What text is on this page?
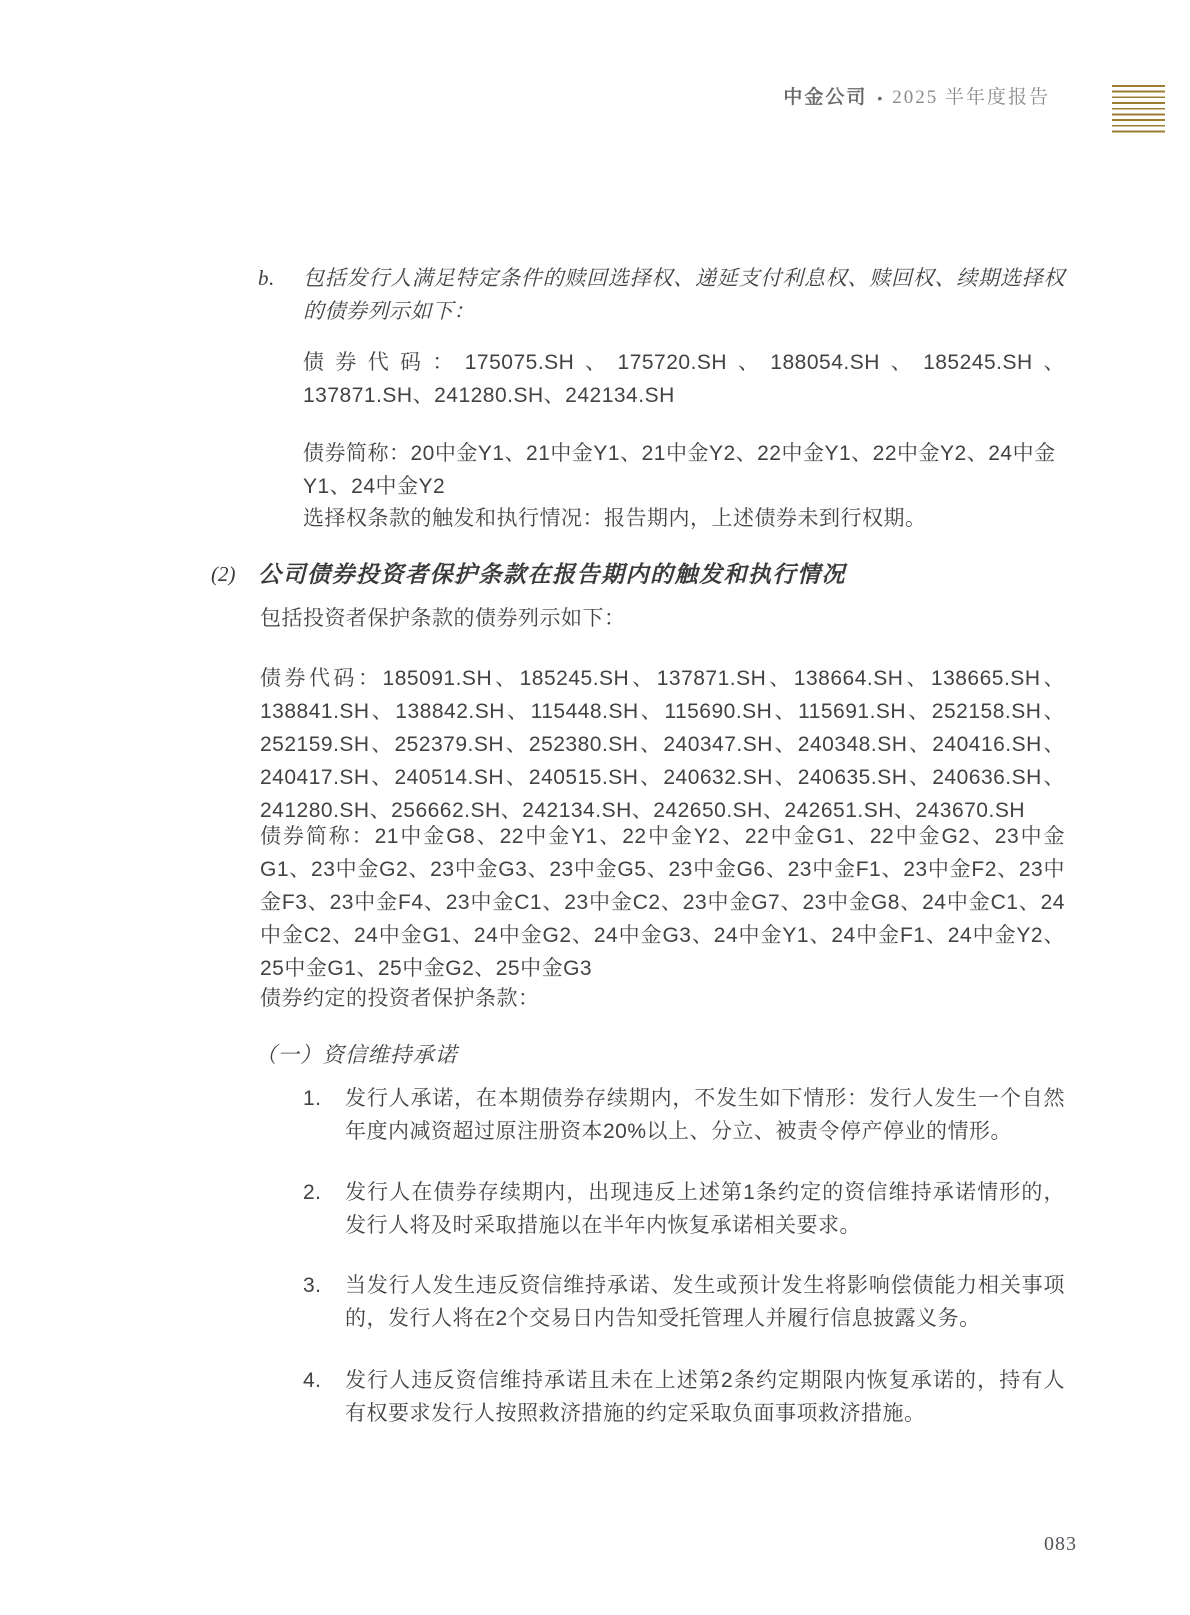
中金公司 • 2025 半年度报告
b.	包括发行人满足特定条件的赎回选择权、递延支付利息权、赎回权、续期选择权的债券列示如下：
债券代码：175075.SH、175720.SH、188054.SH、185245.SH、137871.SH、241280.SH、242134.SH
债券简称：20中金Y1、21中金Y1、21中金Y2、22中金Y1、22中金Y2、24中金Y1、24中金Y2
选择权条款的触发和执行情况：报告期内，上述债券未到行权期。
(2) 公司债券投资者保护条款在报告期内的触发和执行情况
包括投资者保护条款的债券列示如下：
债券代码：185091.SH、185245.SH、137871.SH、138664.SH、138665.SH、138841.SH、138842.SH、115448.SH、115690.SH、115691.SH、252158.SH、252159.SH、252379.SH、252380.SH、240347.SH、240348.SH、240416.SH、240417.SH、240514.SH、240515.SH、240632.SH、240635.SH、240636.SH、241280.SH、256662.SH、242134.SH、242650.SH、242651.SH、243670.SH
债券简称：21中金G8、22中金Y1、22中金Y2、22中金G1、22中金G2、23中金G1、23中金G2、23中金G3、23中金G5、23中金G6、23中金F1、23中金F2、23中金F3、23中金F4、23中金C1、23中金C2、23中金G7、23中金G8、24中金C1、24中金C2、24中金G1、24中金G2、24中金G3、24中金Y1、24中金F1、24中金Y2、25中金G1、25中金G2、25中金G3
债券约定的投资者保护条款：
（一）资信维持承诺
1.	发行人承诺，在本期债券存续期内，不发生如下情形：发行人发生一个自然年度内减资超过原注册资本20%以上、分立、被责令停产停业的情形。
2.	发行人在债券存续期内，出现违反上述第1条约定的资信维持承诺情形的，发行人将及时采取措施以在半年内恢复承诺相关要求。
3.	当发行人发生违反资信维持承诺、发生或预计发生将影响偿债能力相关事项的，发行人将在2个交易日内告知受托管理人并履行信息披露义务。
4.	发行人违反资信维持承诺且未在上述第2条约定期限内恢复承诺的，持有人有权要求发行人按照救济措施的约定采取负面事项救济措施。
083
